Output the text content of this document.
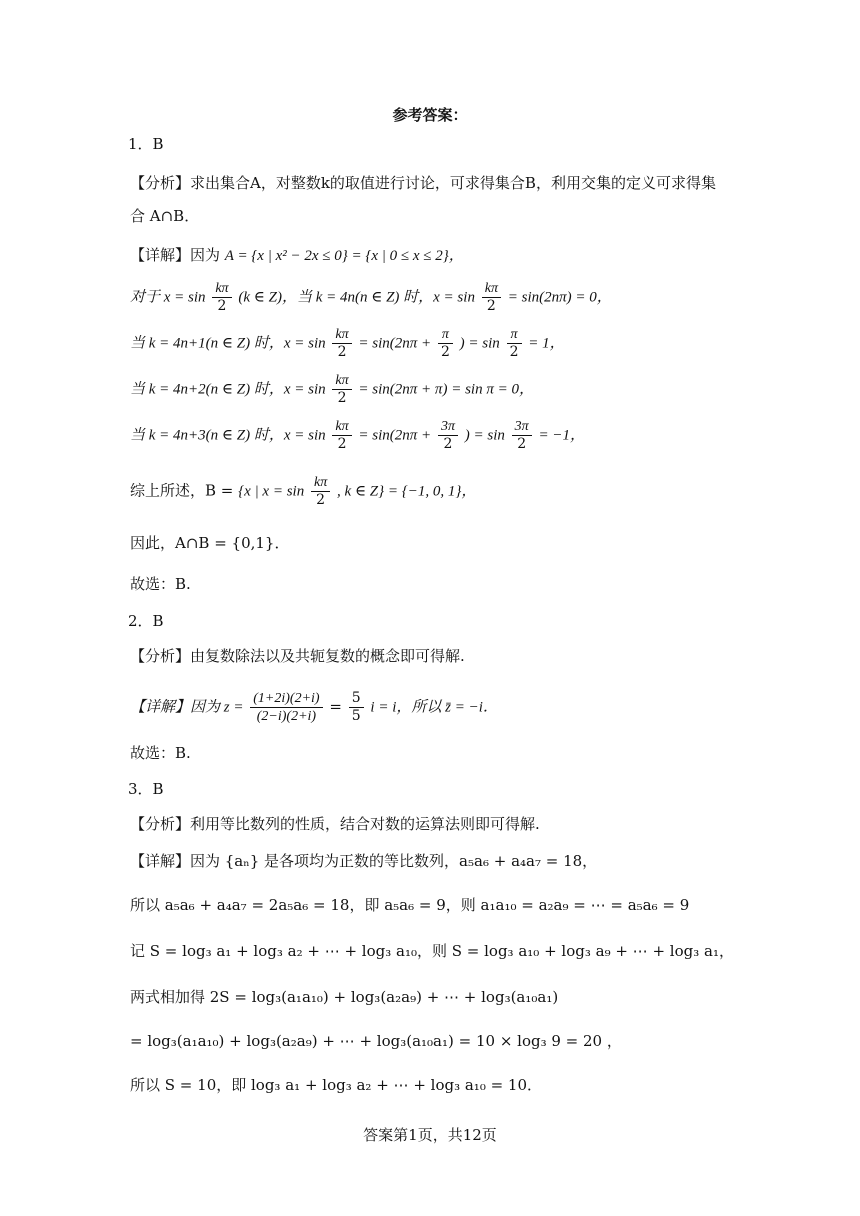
参考答案：
1．B
【分析】求出集合A，对整数k的取值进行讨论，可求得集合B，利用交集的定义可求得集
合 A∩B．
【详解】因为 A = {x | x² − 2x ≤ 0} = {x | 0 ≤ x ≤ 2}，
对于 $x = \sin \frac{k\pi}{2} (k$ ∈ Z)，当 k = 4n(n ∈ Z) 时，$x = \sin \frac{k\pi}{2} = \sin(2n\pi) = 0$，
当 k = 4n+1(n ∈ Z) 时，$x = \sin \frac{k\pi}{2} = \sin(2n\pi + \frac{\pi}{2}$ ) = $\sin \frac{\pi}{2} = 1$，
当 k = 4n+2(n ∈ Z) 时，$x = \sin \frac{k\pi}{2} = \sin(2n\pi + \pi) = \sin \pi = 0$，
当 k = 4n+3(n ∈ Z) 时，$x = \sin \frac{k\pi}{2} = \sin(2n\pi + \frac{3\pi}{2}$ ) = $\sin \frac{3\pi}{2} = -1$，
综上所述，B = {x | $x = \sin \frac{k\pi}{2}$ , k ∈ Z} = {−1, 0, 1}，
因此，A∩B = {0,1}．
故选：B.
2．B
【分析】由复数除法以及共轭复数的概念即可得解.
【详解】因为 $z = \frac{(1+2i)(2+i)}{(2-i)(2+i)} = \frac{5}{5}$ i = i，所以 z̄ = −i．
故选：B.
3．B
【分析】利用等比数列的性质，结合对数的运算法则即可得解.
【详解】因为 {aₙ} 是各项均为正数的等比数列，a₅a₆ + a₄a₇ = 18，
所以 a₅a₆ + a₄a₇ = 2a₅a₆ = 18，即 a₅a₆ = 9，则 a₁a₁₀ = a₂a₉ = ⋯ = a₅a₆ = 9
记 S = log₃ a₁ + log₃ a₂ + ⋯ + log₃ a₁₀，则 S = log₃ a₁₀ + log₃ a₉ + ⋯ + log₃ a₁，
两式相加得 2S = log₃(a₁a₁₀) + log₃(a₂a₉) + ⋯ + log₃(a₁₀a₁)
= log₃(a₁a₁₀) + log₃(a₂a₉) + ⋯ + log₃(a₁₀a₁) = 10 × log₃ 9 = 20 ，
所以 S = 10，即 log₃ a₁ + log₃ a₂ + ⋯ + log₃ a₁₀ = 10．
答案第1页，共12页
